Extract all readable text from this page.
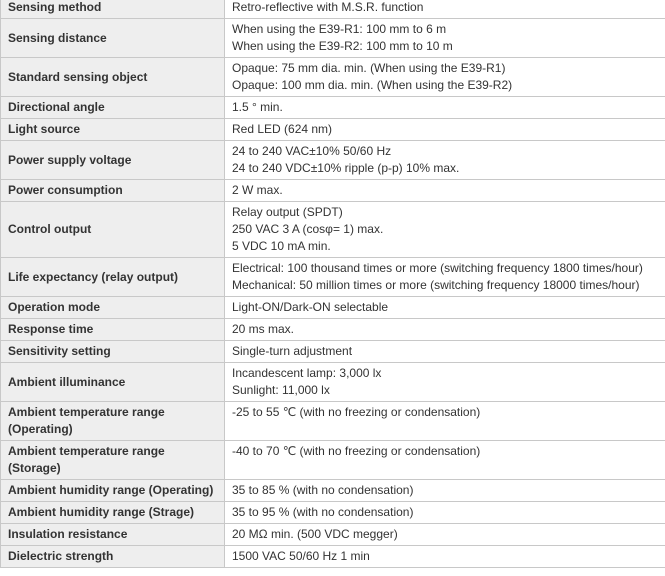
Sensing method	Retro-reflective with M.S.R. function

Sensing distance	When using the E39-R1: 100 mm to 6 m
When using the E39-R2: 100 mm to 10 m

Standard sensing object	Opaque: 75 mm dia. min. (When using the E39-R1)
Opaque: 100 mm dia. min. (When using the E39-R2)

Directional angle	1.5 ° min.

Light source	Red LED (624 nm)

Power supply voltage	24 to 240 VAC±10% 50/60 Hz
24 to 240 VDC±10% ripple (p-p) 10% max.

Power consumption	2 W max.

Control output	Relay output (SPDT)
250 VAC 3 A (cosφ= 1) max.
5 VDC 10 mA min.

Life expectancy (relay output)	Electrical: 100 thousand times or more (switching frequency 1800 times/hour)
Mechanical: 50 million times or more (switching frequency 18000 times/hour)

Operation mode	Light-ON/Dark-ON selectable

Response time	20 ms max.

Sensitivity setting	Single-turn adjustment

Ambient illuminance	Incandescent lamp: 3,000 lx
Sunlight: 11,000 lx

Ambient temperature range
(Operating)	-25 to 55 ℃ (with no freezing or condensation)

Ambient temperature range
(Storage)	-40 to 70 ℃ (with no freezing or condensation)

Ambient humidity range (Operating)	35 to 85 % (with no condensation)

Ambient humidity range (Strage)	35 to 95 % (with no condensation)

Insulation resistance	20 MΩ min. (500 VDC megger)

Dielectric strength	1500 VAC 50/60 Hz 1 min
